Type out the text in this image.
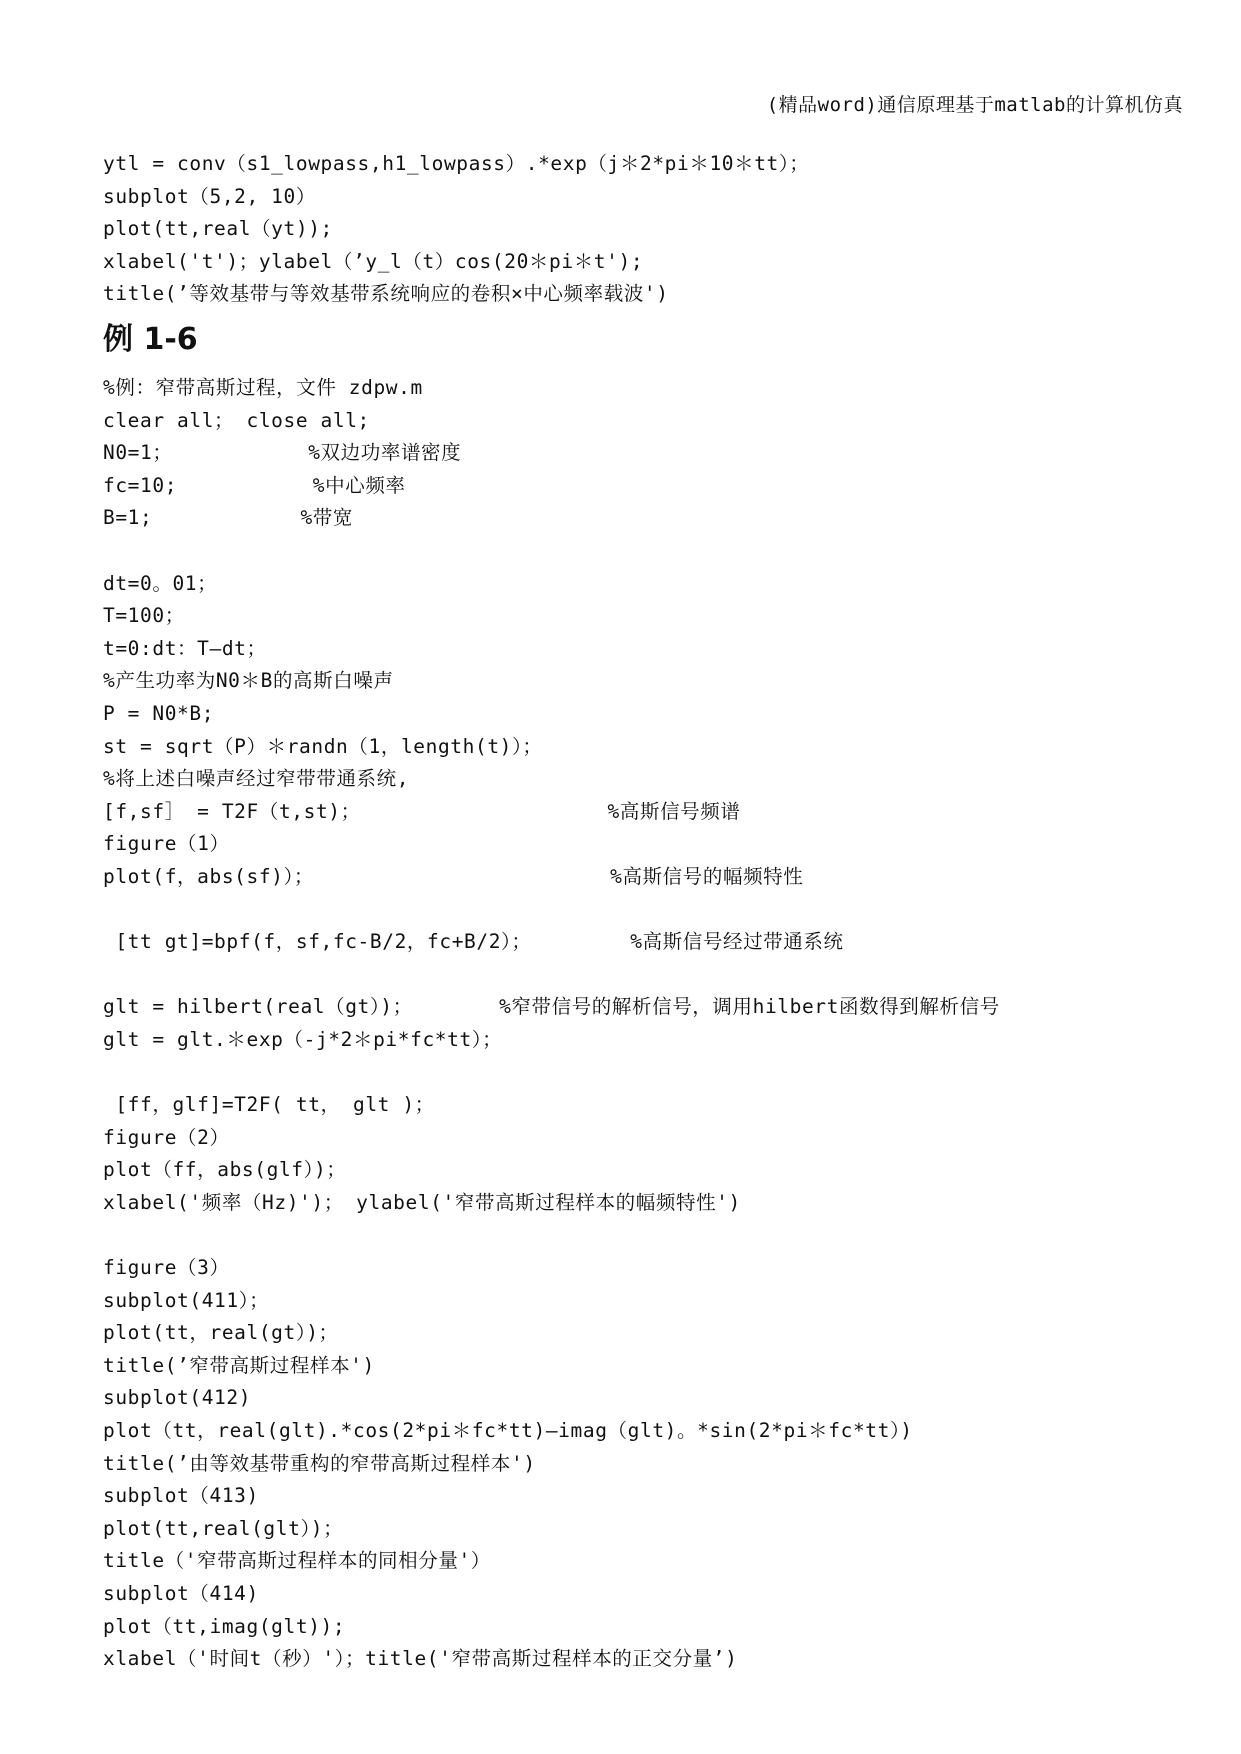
(精品word)通信原理基于matlab的计算机仿真
ytl = conv（s1_lowpass,h1_lowpass）.*exp（j＊2*pi＊10＊tt）；
subplot（5,2, 10）
plot(tt,real（yt));
xlabel('t')；ylabel（’y_l（t）cos(20＊pi＊t');
title(’等效基带与等效基带系统响应的卷积×中心频率载波')
例 1-6
%例：窄带高斯过程，文件 zdpw.m
clear all； close all;
N0=1；           %双边功率谱密度
fc=10;           %中心频率
B=1;            %带宽
dt=0。01；
T=100；
t=0:dt：T—dt；
%产生功率为N0＊B的高斯白噪声
P = N0*B;
st = sqrt（P）＊randn（1，length(t)）；
%将上述白噪声经过窄带带通系统,
[f,sf］ = T2F（t,st)；                    %高斯信号频谱
figure（1）
plot(f，abs(sf)）；                        %高斯信号的幅频特性
[tt gt]=bpf(f，sf,fc-B/2，fc+B/2）；        %高斯信号经过带通系统
glt = hilbert(real（gt）)；       %窄带信号的解析信号，调用hilbert函数得到解析信号
glt = glt.＊exp（-j*2＊pi*fc*tt）；
[ff，glf]=T2F( tt， glt )；
figure（2）
plot（ff，abs(glf）)；
xlabel('频率（Hz)')； ylabel('窄带高斯过程样本的幅频特性')
figure（3）
subplot(411）；
plot(tt，real(gt）)；
title(’窄带高斯过程样本')
subplot(412)
plot（tt，real(glt).*cos(2*pi＊fc*tt)—imag（glt)。*sin(2*pi＊fc*tt）)
title(’由等效基带重构的窄带高斯过程样本')
subplot（413)
plot(tt,real(glt）)；
title（'窄带高斯过程样本的同相分量'）
subplot（414)
plot（tt,imag(glt));
xlabel（'时间t（秒）'）；title('窄带高斯过程样本的正交分量’)
